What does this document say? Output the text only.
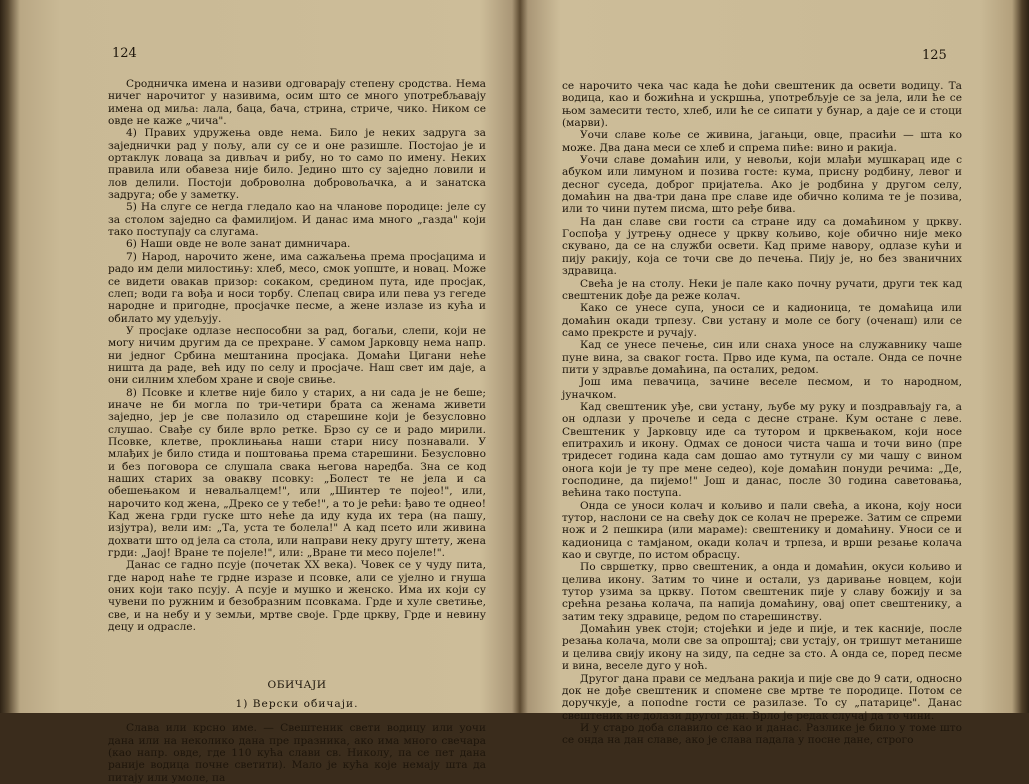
124

Сродничка имена и називи одговарају степену сродства. Нема ничег нарочитог у називима, осим што се много употребљавају имена од миља: лала, баца, бача, стрина, стриче, чико. Ником се овде не каже „чича".

4) Правих удружења овде нема. Било је неких задруга за заједнички рад у пољу, али су се и оне разишле. Постојао је и ортаклук ловаца за дивљач и рибу, но то само по имену. Неких правила или обавеза није било. Једино што су заједно ловили и лов делили. Постоји доброволна добровољачка, а и занатска задруга; обе у заметку.

5) На слуге се негда гледало као на чланове породице: јеле су за столом заједно са фамилијом. И данас има много „газда" који тако поступају са слугама.

6) Наши овде не воле занат димничара.

7) Народ, нарочито жене, има сажаљења према просјацима и радо им дели милостињу: хлеб, месо, смок уопште, и новац. Може се видети овакав призор: сокаком, средином пута, иде просјак, слеп; води га вођа и носи торбу. Слепац свира или пева уз гегеде народне и пригодне, просјачке песме, а жене излазе из кућа и обилато му удељују.

У просјаке одлазе неспособни за рад, богаљи, слепи, који не могу ничим другим да се прехране. У самом Јарковцу нема напр. ни једног Србина мештанина просјака. Домаћи Цигани неће ништа да раде, већ иду по селу и просјаче. Наш свет им даје, а они силним хлебом хране и своје свиње.

8) Псовке и клетве није било у старих, а ни сада је не беше; иначе не би могла по три-четири брата са женама живети заједно, јер је све полазило од старешине који је безусловно слушао. Свађе су биле врло ретке. Брзо су се и радо мирили. Псовке, клетве, проклињања наши стари нису познавали. У млађих је било стида и поштовања према старешини. Безусловно и без поговора се слушала свака његова наредба. Зна се код наших старих за овакву псовку: „Болест те не јела и са обешењаком и невальалцем!", или „Шинтер те појео!", или, нарочито код жена, „Дреко се у тебе!", а то је рећи: ђаво те однео! Кад жена грди гуске што неће да иду куда их тера (на пашу, изјутра), вели им: „Та, уста те болела!" А кад псето или живина дохвати што од јела са стола, или направи неку другу штету, жена грди: „Јаој! Вране те појеле!", или: „Вране ти месо појеле!".

Данас се гадно псује (почетак XX века). Човек се у чуду пита, где народ наће те грдне изразе и псовке, али се ујелно и гнуша оних који тако псују. А псује и мушко и женско. Има их који су чувени по ружним и безобразним псовкама. Грде и хуле светиње, све, и на небу и у земљи, мртве своје. Грде цркву, Грде и невину децу и одрасле.

ОБИЧАЈИ

1) Верски обичаји.

Слава или крсно име. — Свештеник свети водицу или уочи дана или на неколико дана пре празника, ако има много свечара (као напр. овде, где 110 кућа слави св. Николу, па се пет дана раније водица почне светити). Мало је кућа које немају шта да питају или умоле, па

125

се нарочито чека час када ће доћи свештеник да освети водицу. Та водица, као и божићна и ускршња, употребљује се за јела, или ће се њом замесити тесто, хлеб, или ће се сипати у бунар, а даје се и стоци (марви).

Уочи славе коље се живина, јагањци, овце, прасићи — шта ко може. Два дана меси се хлеб и спрема пиће: вино и ракија.

Уочи славе домаћин или, у невољи, који млађи мушкарац иде с абуком или лимуном и позива госте: кума, присну родбину, левог и десног суседа, доброг пријатеља. Ако је родбина у другом селу, домаћин на два-три дана пре славе иде обично колима те је позива, или то чини путем писма, што ређе бива.

На дан славе сви гости са стране иду са домаћином у цркву. Госпођа у јутрењу однесе у цркву кољиво, које обично није меко скувано, да се на служби освети. Кад приме навору, одлазе кући и пију ракију, која се точи све до печења. Пију је, но без званичних здравица.

Свећа је на столу. Неки је пале како почну ручати, други тек кад свештеник дође да реже колач.

Како се унесе супа, уноси се и кадионица, те домаћица или домаћин окади трпезу. Сви устану и моле се богу (оченаш) или се само прекрсте и ручају.

Кад се унесе печење, син или снаха уносе на служавнику чаше пуне вина, за сваког госта. Прво иде кума, па остале. Онда се почне пити у здравље домаћина, па осталих, редом.

Још има певачица, зачине веселе песмом, и то народном, јуначком.

Кад свештеник уђе, сви устану, љубе му руку и поздрављају га, а он одлази у прочеље и седа с десне стране. Кум остане с леве. Свештеник у Јарковцу иде са тутором и црквењаком, који носе епитрахиљ и икону. Одмах се доноси чиста чаша и точи вино (пре тридесет година када сам дошао амо тутнули су ми чашу с вином онога који је ту пре мене седео), које домаћин понуди речима: „Де, господине, да пијемо!" Још и данас, после 30 година саветовања, већина тако поступа.

Онда се уноси колач и кољиво и пали свећа, а икона, коју носи тутор, наслони се на свећу док се колач не прережe. Затим се спреми нож и 2 пешкира (или мараме): свештенику и домаћину. Уноси се и кадионица с тамјаном, окади колач и трпеза, и врши резање колача као и свугде, по истом обрасцу.

По свршетку, прво свештеник, а онда и домаћин, окуси кољиво и целива икону. Затим то чине и остали, уз даривање новцем, који тутор узима за цркву. Потом свештеник пије у славу божију и за срећна резања колача, па напија домаћину, овај опет свештенику, а затим теку здравице, редом по старешинству.

Домаћин увек стоји; стојећки и једе и пије, и тек касније, после резања колача, моли све за опроштај; сви устају, он тришут метанише и целива свију икону на зиду, па седне за сто. А онда се, поред песме и вина, веселе дуго у ноћ.

Другог дана прави се медљана ракија и пије све до 9 сати, односно док не дође свештеник и спомене све мртве те породице. Потом се доручкује, а попodne гости се разилазе. То су „патарице". Данас свештеник не долази другог дан. Врло је редак случај да то чини.

И у старо доба славило се као и данас. Разлике је било у томе што се онда на дан славе, ако је слава падала у посне дане, строго
